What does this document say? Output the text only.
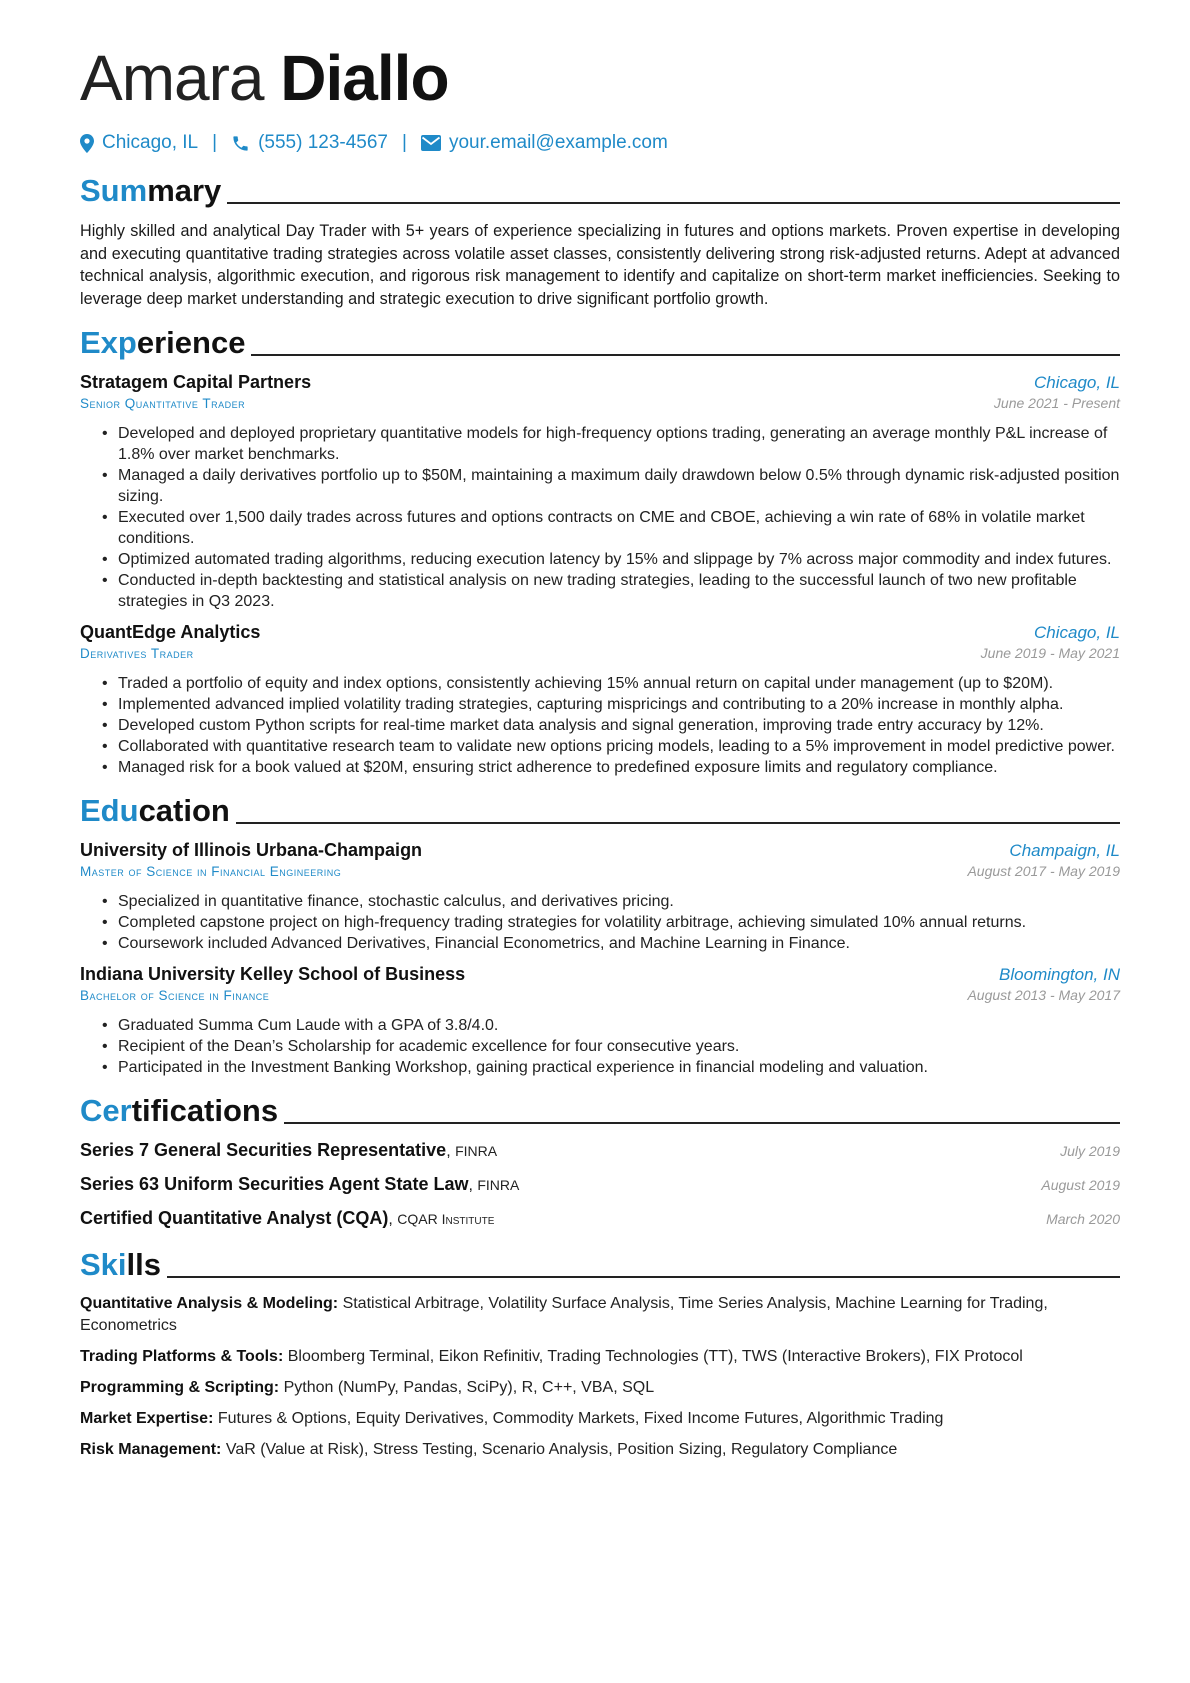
Amara Diallo
Chicago, IL | (555) 123-4567 | your.email@example.com
Summary

Highly skilled and analytical Day Trader with 5+ years of experience specializing in futures and options markets. Proven expertise in developing and executing quantitative trading strategies across volatile asset classes, consistently delivering strong risk-adjusted returns. Adept at advanced technical analysis, algorithmic execution, and rigorous risk management to identify and capitalize on short-term market inefficiencies. Seeking to leverage deep market understanding and strategic execution to drive significant portfolio growth.

Experience
Stratagem Capital Partners	Chicago, IL
Senior Quantitative Trader	June 2021 - Present
• Developed and deployed proprietary quantitative models for high-frequency options trading, generating an average monthly P&L increase of 1.8% over market benchmarks.
• Managed a daily derivatives portfolio up to $50M, maintaining a maximum daily drawdown below 0.5% through dynamic risk-adjusted position sizing.
• Executed over 1,500 daily trades across futures and options contracts on CME and CBOE, achieving a win rate of 68% in volatile market conditions.
• Optimized automated trading algorithms, reducing execution latency by 15% and slippage by 7% across major commodity and index futures.
• Conducted in-depth backtesting and statistical analysis on new trading strategies, leading to the successful launch of two new profitable strategies in Q3 2023.
QuantEdge Analytics	Chicago, IL
Derivatives Trader	June 2019 - May 2021
• Traded a portfolio of equity and index options, consistently achieving 15% annual return on capital under management (up to $20M).
• Implemented advanced implied volatility trading strategies, capturing mispricings and contributing to a 20% increase in monthly alpha.
• Developed custom Python scripts for real-time market data analysis and signal generation, improving trade entry accuracy by 12%.
• Collaborated with quantitative research team to validate new options pricing models, leading to a 5% improvement in model predictive power.
• Managed risk for a book valued at $20M, ensuring strict adherence to predefined exposure limits and regulatory compliance.
Education
University of Illinois Urbana-Champaign	Champaign, IL
Master of Science in Financial Engineering	August 2017 - May 2019
• Specialized in quantitative finance, stochastic calculus, and derivatives pricing.
• Completed capstone project on high-frequency trading strategies for volatility arbitrage, achieving simulated 10% annual returns.
• Coursework included Advanced Derivatives, Financial Econometrics, and Machine Learning in Finance.
Indiana University Kelley School of Business	Bloomington, IN
Bachelor of Science in Finance	August 2013 - May 2017
• Graduated Summa Cum Laude with a GPA of 3.8/4.0.
• Recipient of the Dean’s Scholarship for academic excellence for four consecutive years.
• Participated in the Investment Banking Workshop, gaining practical experience in financial modeling and valuation.
Certifications
Series 7 General Securities Representative, FINRA	July 2019
Series 63 Uniform Securities Agent State Law, FINRA	August 2019
Certified Quantitative Analyst (CQA), CQAR Institute	March 2020
Skills
Quantitative Analysis & Modeling: Statistical Arbitrage, Volatility Surface Analysis, Time Series Analysis, Machine Learning for Trading, Econometrics
Trading Platforms & Tools: Bloomberg Terminal, Eikon Refinitiv, Trading Technologies (TT), TWS (Interactive Brokers), FIX Protocol
Programming & Scripting: Python (NumPy, Pandas, SciPy), R, C++, VBA, SQL
Market Expertise: Futures & Options, Equity Derivatives, Commodity Markets, Fixed Income Futures, Algorithmic Trading
Risk Management: VaR (Value at Risk), Stress Testing, Scenario Analysis, Position Sizing, Regulatory Compliance
